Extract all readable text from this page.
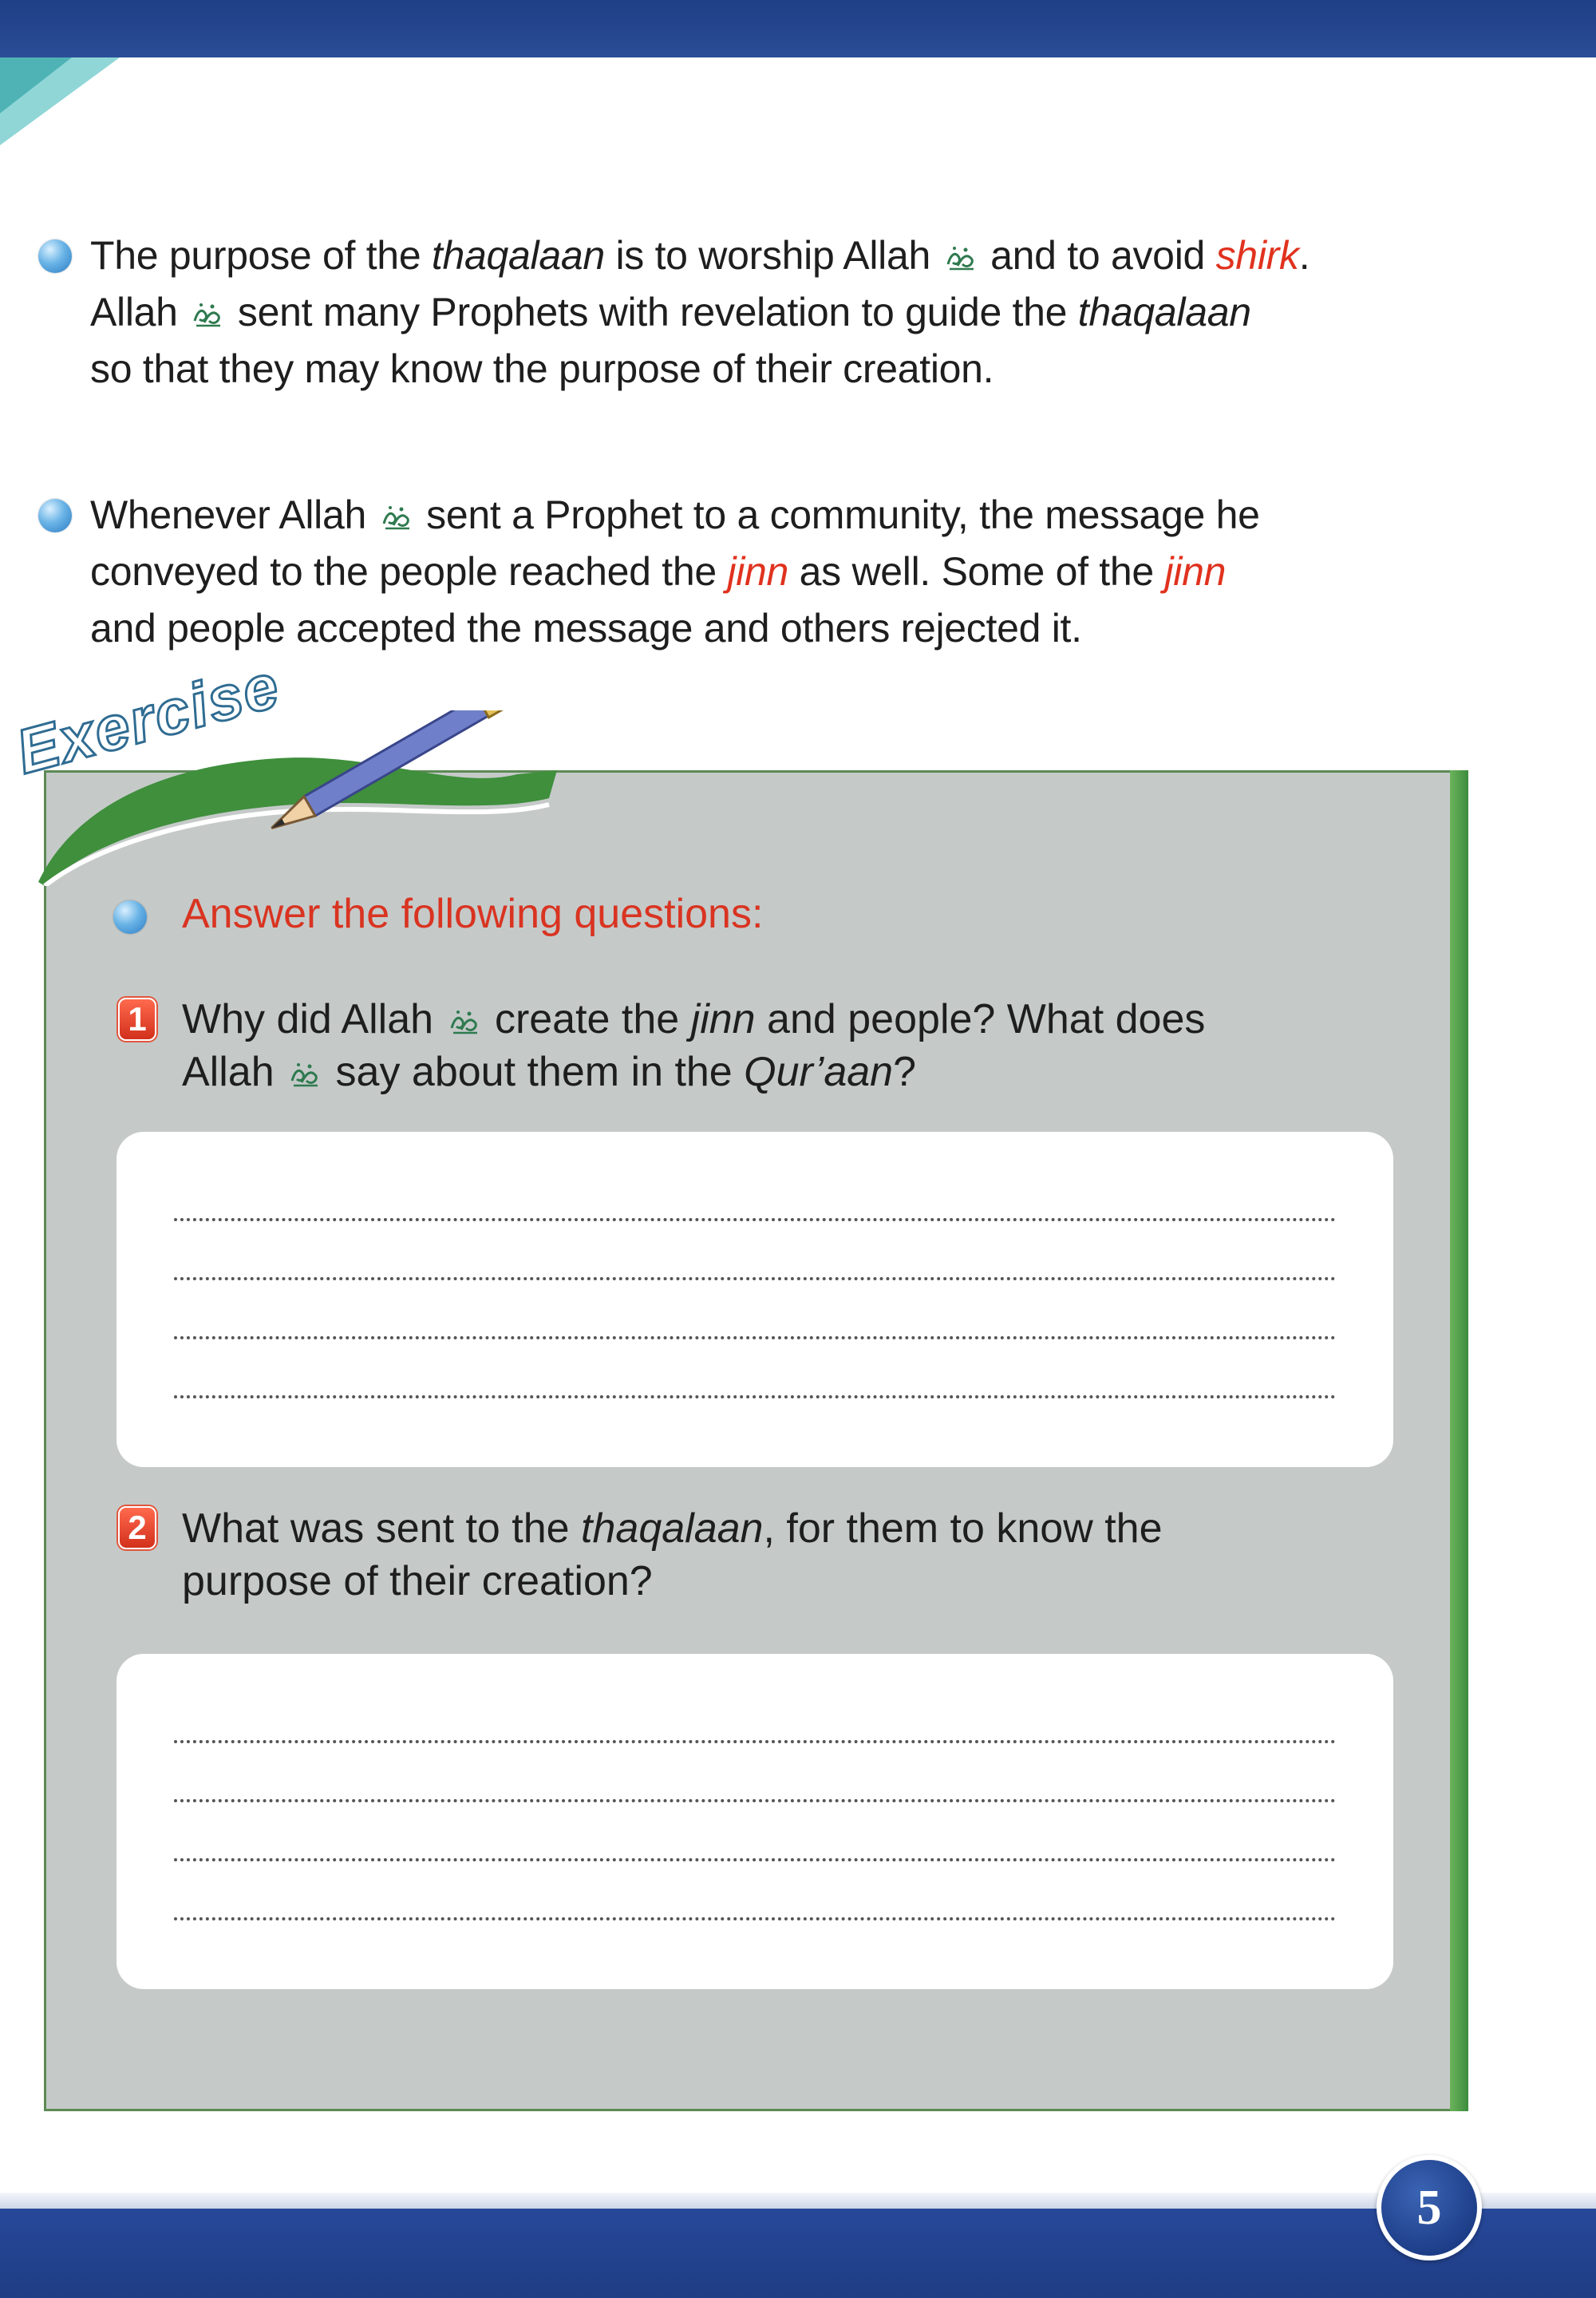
5
The purpose of the thaqalaan is to worship Allah  and to avoid shirk.
Allah  sent many Prophets with revelation to guide the thaqalaan
so that they may know the purpose of their creation.
Whenever Allah  sent a Prophet to a community, the message he
conveyed to the people reached the jinn as well. Some of the jinn
and people accepted the message and others rejected it.
Exercise
Answer the following questions:
1 Why did Allah  create the jinn and people? What does
Allah  say about them in the Qur’aan?
2 What was sent to the thaqalaan, for them to know the
purpose of their creation?
